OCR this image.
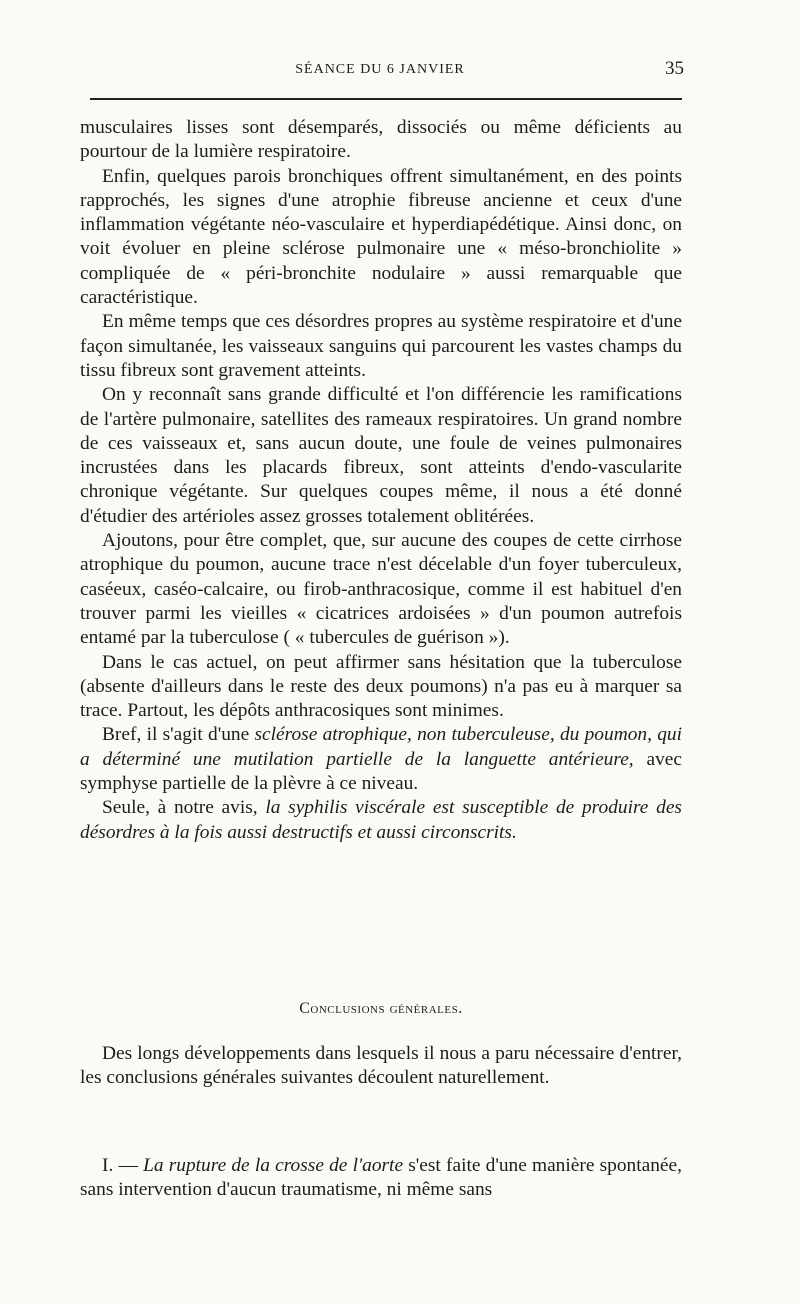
SÉANCE DU 6 JANVIER	35

musculaires lisses sont désemparés, dissociés ou même déficients au pourtour de la lumière respiratoire.

Enfin, quelques parois bronchiques offrent simultanément, en des points rapprochés, les signes d'une atrophie fibreuse ancienne et ceux d'une inflammation végétante néo-vasculaire et hyperdiapédétique. Ainsi donc, on voit évoluer en pleine sclérose pulmonaire une « méso-bronchiolite » compliquée de « péri-bronchite nodulaire » aussi remarquable que caractéristique.

En même temps que ces désordres propres au système respiratoire et d'une façon simultanée, les vaisseaux sanguins qui parcourent les vastes champs du tissu fibreux sont gravement atteints.

On y reconnaît sans grande difficulté et l'on différencie les ramifications de l'artère pulmonaire, satellites des rameaux respiratoires. Un grand nombre de ces vaisseaux et, sans aucun doute, une foule de veines pulmonaires incrustées dans les placards fibreux, sont atteints d'endo-vascularite chronique végétante. Sur quelques coupes même, il nous a été donné d'étudier des artérioles assez grosses totalement oblitérées.

Ajoutons, pour être complet, que, sur aucune des coupes de cette cirrhose atrophique du poumon, aucune trace n'est décelable d'un foyer tuberculeux, caséeux, caséo-calcaire, ou firob-anthracosique, comme il est habituel d'en trouver parmi les vieilles « cicatrices ardoisées » d'un poumon autrefois entamé par la tuberculose ( « tubercules de guérison »).

Dans le cas actuel, on peut affirmer sans hésitation que la tuberculose (absente d'ailleurs dans le reste des deux poumons) n'a pas eu à marquer sa trace. Partout, les dépôts anthracosiques sont minimes.

Bref, il s'agit d'une sclérose atrophique, non tuberculeuse, du poumon, qui a déterminé une mutilation partielle de la languette antérieure, avec symphyse partielle de la plèvre à ce niveau.

Seule, à notre avis, la syphilis viscérale est susceptible de produire des désordres à la fois aussi destructifs et aussi circonscrits.

Conclusions générales.

Des longs développements dans lesquels il nous a paru nécessaire d'entrer, les conclusions générales suivantes découlent naturellement.

I. — La rupture de la crosse de l'aorte s'est faite d'une manière spontanée, sans intervention d'aucun traumatisme, ni même sans
